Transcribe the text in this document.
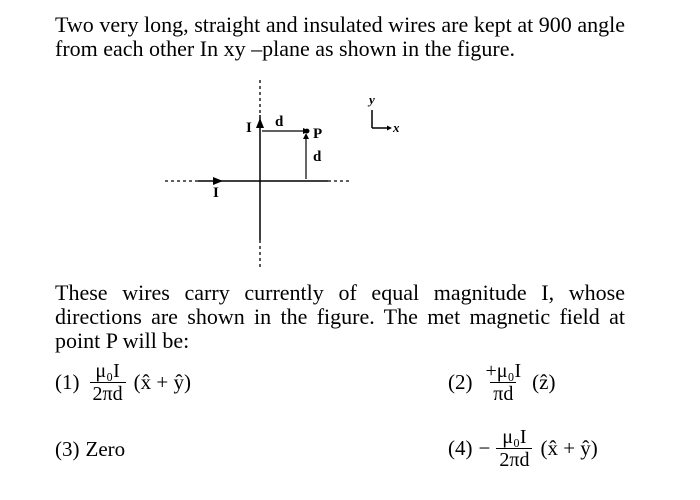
Two very long, straight and insulated wires are kept at 900 angle from each other In xy –plane as shown in the figure.
I d
P
d
I
y
x
These wires carry currently of equal magnitude I, whose directions are shown in the figure. The met magnetic field at point P will be:
$(1) \frac{\text{μ₀I}}{2\pi d}$ (x̂ + ŷ)	$(2) \frac{\text{+μ₀I}}{\pi d}$ (ẑ)
(3) Zero	$(4) - \frac{\text{μ₀I}}{2\pi d}$ (x̂ + ŷ)
